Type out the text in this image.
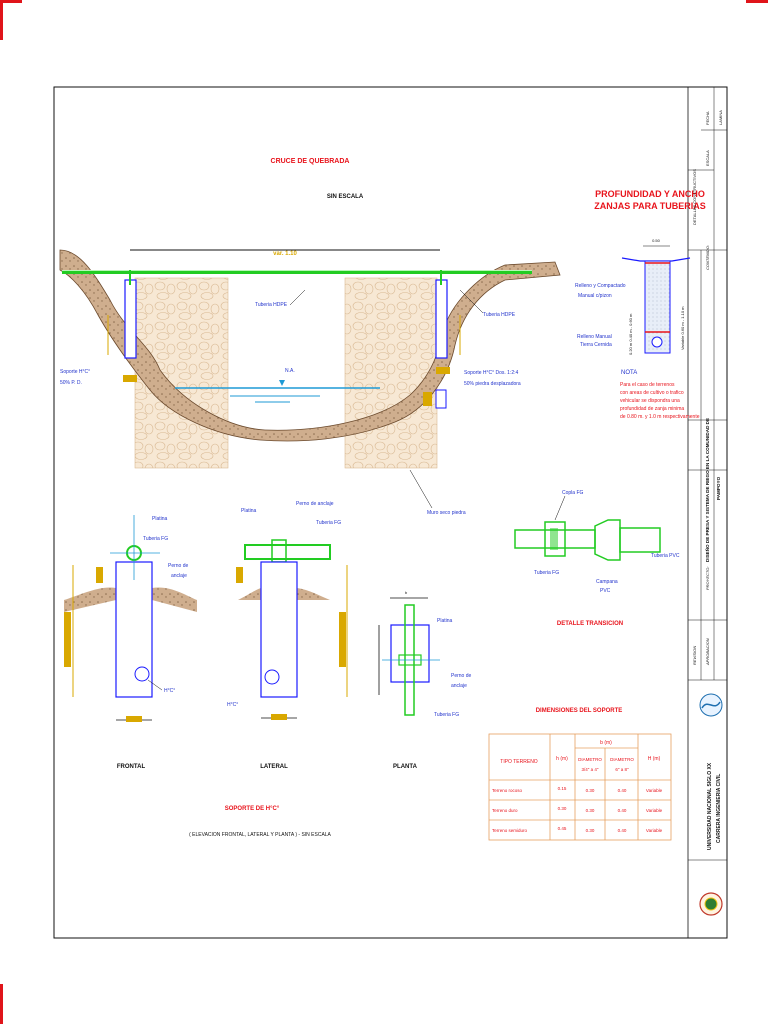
CRUCE DE QUEBRADA
SIN ESCALA
var. 1.10
N.A.
Tuberia HDPE
Tuberia HDPE
Soporte H°C°
50% P. D.
Soporte H°C° Dos. 1:2:4
50% piedra desplazadora
Muro seco piedra
PROFUNDIDAD Y ANCHO
ZANJAS PARA TUBERIAS
0.50
0.20 m 0.40 m - 0.60 m	Variable 0.60 m - 1.10 m
Relleno y Compactado
Manual c/pizon
Relleno Manual
Tierra Cernida
NOTA
Para el caso de terrenos
con areas de cultivo o trafico
vehicular se dispondra una
profundidad de zanja minima
de 0.80 m. y 1.0 m respectivamente
Platina
Tuberia FG
Perno de
anclaje
H°C°
FRONTAL
Platina
Perno de anclaje
Tuberia FG
H°C°
LATERAL
b
Platina
Perno de
anclaje
Tuberia FG
PLANTA
SOPORTE DE H°C°
( ELEVACION FRONTAL, LATERAL Y PLANTA ) - SIN ESCALA
Copla FG
Tuberia FG
Campana
PVC
Tuberia PVC
DETALLE TRANSICION
DIMENSIONES DEL SOPORTE
TIPO TERRENO	h (m)
b (m)
DIAMETRO
3/4" a 4"
DIAMETRO
6" a 8"
H (m)
Terreno rocoso	0.15	0.30	0.40	Variable
Terreno duro	0.30	0.30	0.40	Variable
Terreno semiduro	0.45	0.30	0.40	Variable
CONTENIDO:
DETALLES CONSTRUCTIVOS
ESCALA
FECHA LAMINA
PROYECTO:
DISEÑO DE PRESA Y SISTEMA DE RIEGO EN LA COMUNIDAD DE PAMPOYO
REVISION APROBACION
UNIVERSIDAD NACIONAL SIGLO XX CARRERA INGENIERIA CIVIL
